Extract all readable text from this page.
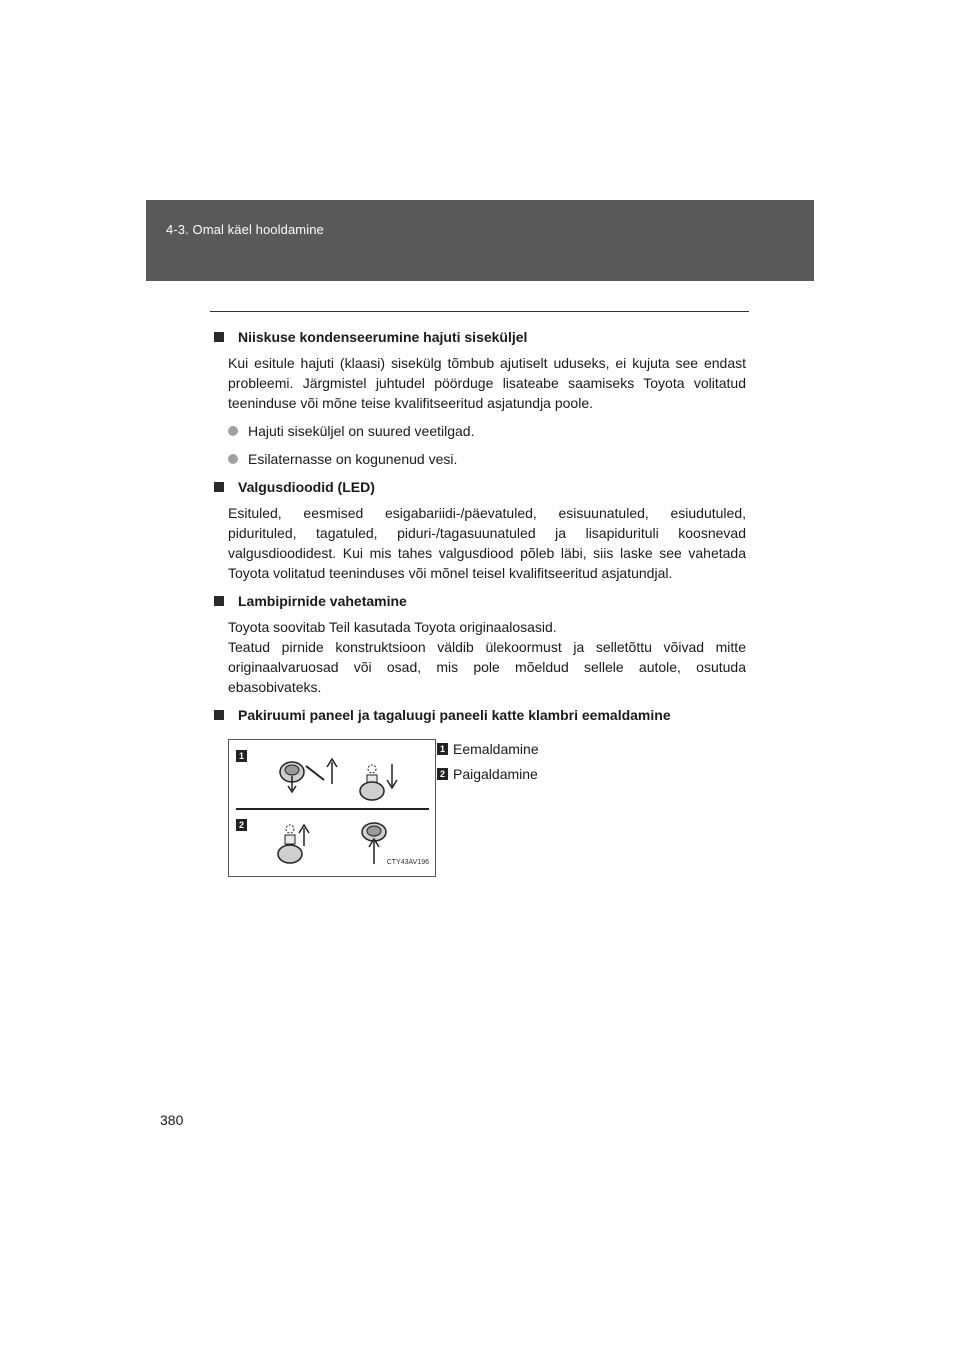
4-3. Omal käel hooldamine
Niiskuse kondenseerumine hajuti siseküljel

Kui esitule hajuti (klaasi) sisekülg tõmbub ajutiselt uduseks, ei kujuta see endast probleemi. Järgmistel juhtudel pöörduge lisateabe saamiseks Toyota volitatud teeninduse või mõne teise kvalifitseeritud asjatundja poole.

Hajuti siseküljel on suured veetilgad.
Esilaternasse on kogunenud vesi.
Valgusdioodid (LED)

Esituled, eesmised esigabariidi-/päevatuled, esisuunatuled, esiudutuled, pidurituled, tagatuled, piduri-/tagasuunatuled ja lisapidurituli koosnevad valgusdioodidest. Kui mis tahes valgusdiood põleb läbi, siis laske see vahetada Toyota volitatud teeninduses või mõnel teisel kvalifitseeritud asjatundjal.

Lambipirnide vahetamine

Toyota soovitab Teil kasutada Toyota originaalosasid.

Teatud pirnide konstruktsioon väldib ülekoormust ja selletõttu võivad mitte originaalvaruosad või osad, mis pole mõeldud sellele autole, osutuda ebasobivateks.

Pakiruumi paneel ja tagaluugi paneeli katte klambri eemaldamine
1
2
CTY43AV196
1 Eemaldamine
2 Paigaldamine
380
